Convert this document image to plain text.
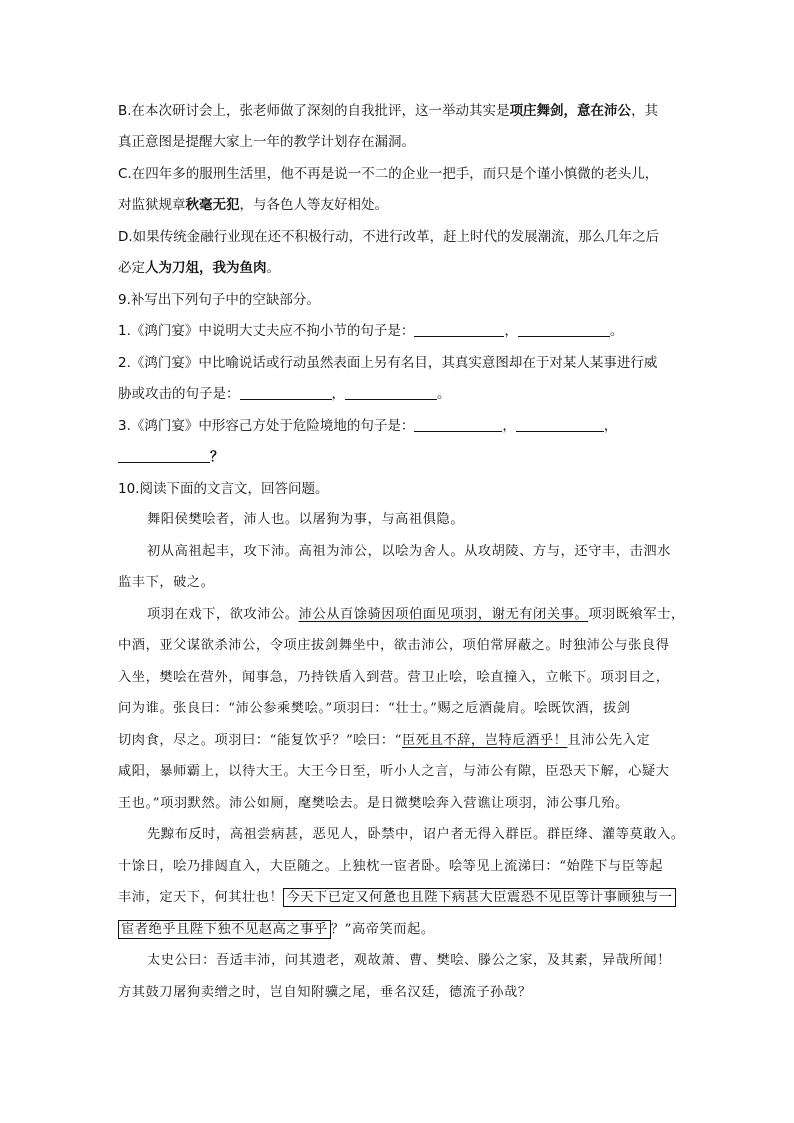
B.在本次研讨会上，张老师做了深刻的自我批评，这一举动其实是项庄舞剑，意在沛公，其
真正意图是提醒大家上一年的教学计划存在漏洞。
C.在四年多的服刑生活里，他不再是说一不二的企业一把手，而只是个谨小慎微的老头儿，
对监狱规章秋毫无犯，与各色人等友好相处。
D.如果传统金融行业现在还不积极行动，不进行改革，赶上时代的发展潮流，那么几年之后
必定人为刀俎，我为鱼肉。
9.补写出下列句子中的空缺部分。
1.《鸿门宴》中说明大丈夫应不拘小节的句子是：	，	。
2.《鸿门宴》中比喻说话或行动虽然表面上另有名目，其真实意图却在于对某人某事进行威
胁或攻击的句子是：	，	。
3.《鸿门宴》中形容己方处于危险境地的句子是：	，	，
？
10.阅读下面的文言文，回答问题。
舞阳侯樊哙者，沛人也。以屠狗为事，与高祖俱隐。
初从高祖起丰，攻下沛。高祖为沛公，以哙为舍人。从攻胡陵、方与，还守丰，击泗水
监丰下，破之。
项羽在戏下，欲攻沛公。沛公从百馀骑因项伯面见项羽，谢无有闭关事。项羽既飨军士，
中酒，亚父谋欲杀沛公，令项庄拔剑舞坐中，欲击沛公，项伯常屏蔽之。时独沛公与张良得
入坐，樊哙在营外，闻事急，乃持铁盾入到营。营卫止哙，哙直撞入，立帐下。项羽目之，
问为谁。张良曰：“沛公参乘樊哙。”项羽曰：“壮士。”赐之卮酒彘肩。哙既饮酒，拔剑
切肉食，尽之。项羽曰：“能复饮乎？”哙曰：“臣死且不辞，岂特卮酒乎！且沛公先入定
咸阳，暴师霸上，以待大王。大王今日至，听小人之言，与沛公有隙，臣恐天下解，心疑大
王也。”项羽默然。沛公如厕，麾樊哙去。是日微樊哙奔入营谯让项羽，沛公事几殆。
先黥布反时，高祖尝病甚，恶见人，卧禁中，诏户者无得入群臣。群臣绛、灌等莫敢入。
十馀日，哙乃排闼直入，大臣随之。上独枕一宦者卧。哙等见上流涕曰：“始陛下与臣等起
丰沛，定天下，何其壮也！ 今天下已定又何惫也且陛下病甚大臣震恐不见臣等计事顾独与一
宦者绝乎且陛下独不见赵高之事乎 ？”高帝笑而起。
太史公曰：吾适丰沛，问其遗老，观故萧、曹、樊哙、滕公之家，及其素，异哉所闻！
方其鼓刀屠狗卖缯之时，岂自知附骥之尾，垂名汉廷，德流子孙哉？
